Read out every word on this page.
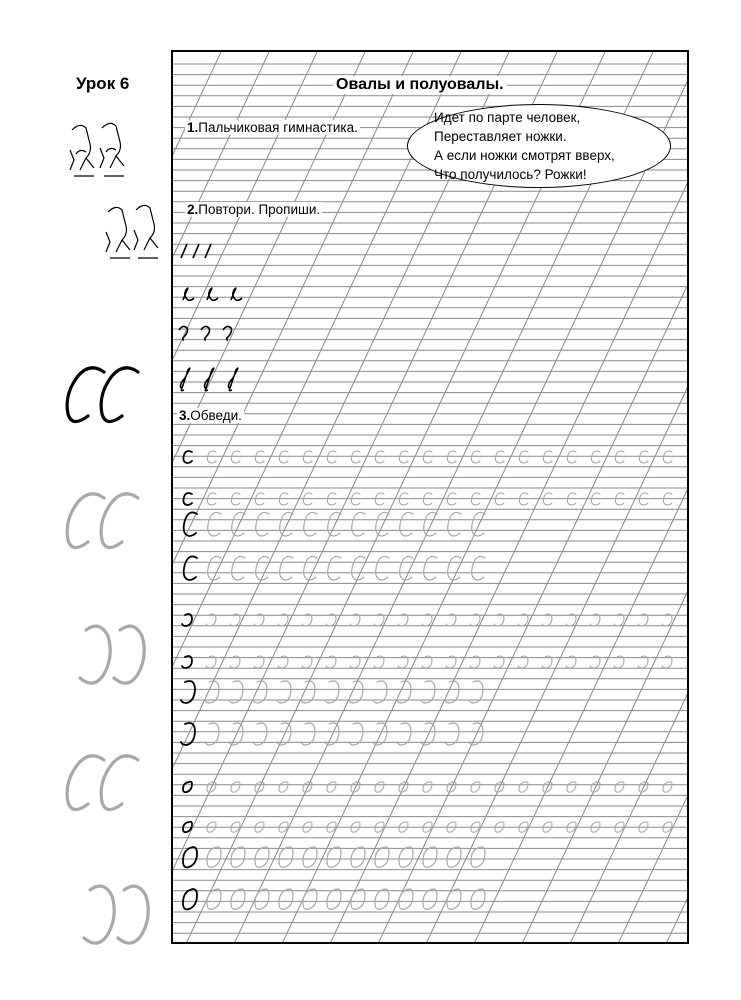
Урок 6	Овалы и полуовалы.
1.Пальчиковая гимнастика.
2.Повтори. Пропиши.
3.Обведи.
Идет по парте человек,
Переставляет ножки.
А если ножки смотрят вверх,
Что получилось? Рожки!
